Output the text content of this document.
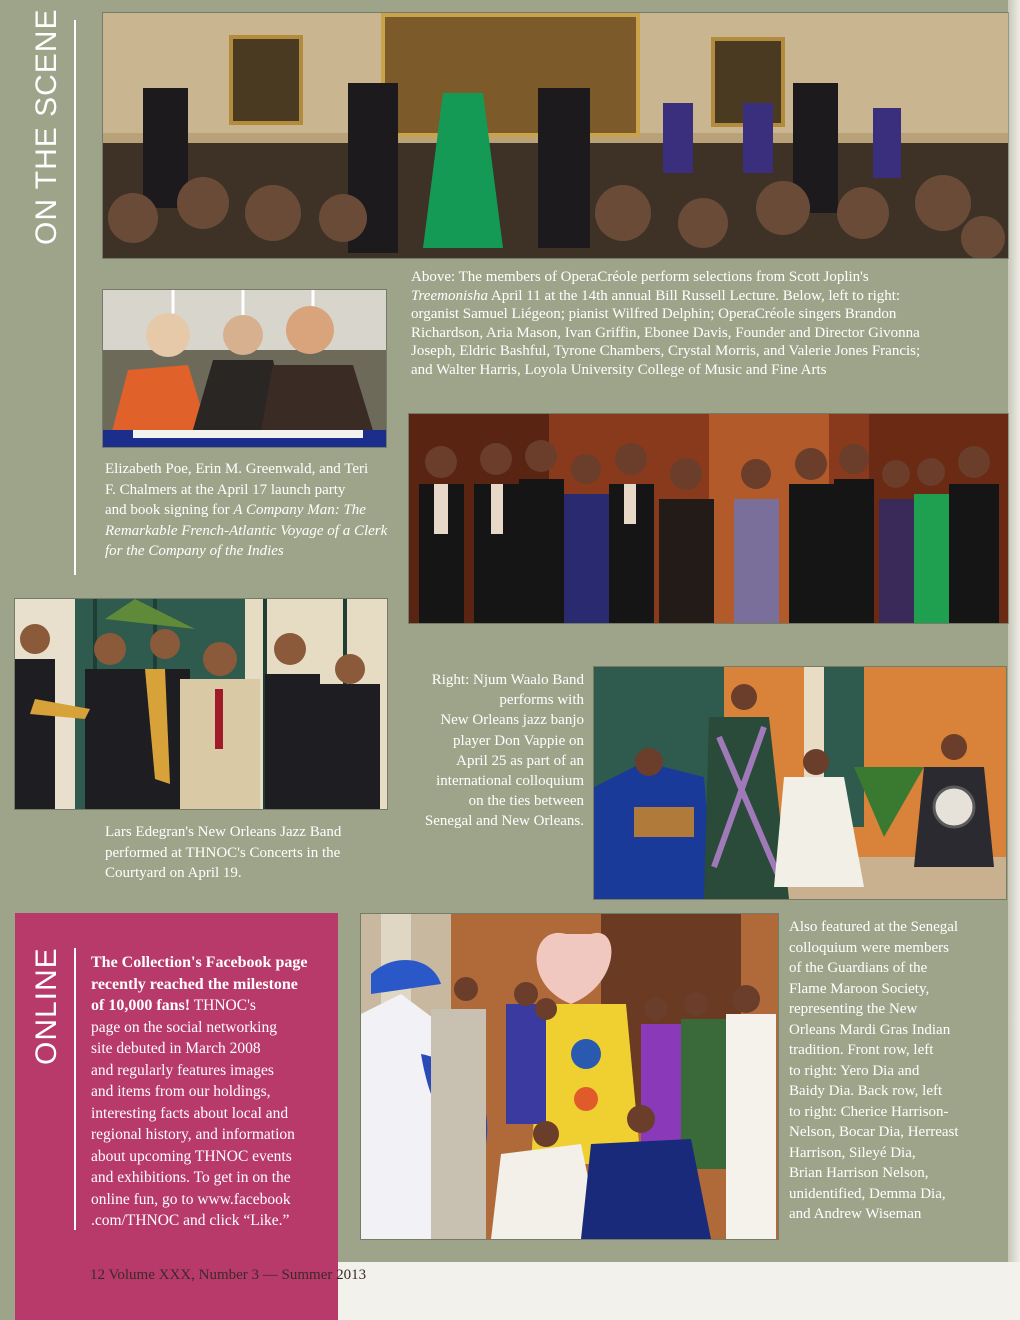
ON THE SCENE
Above: The members of OperaCréole perform selections from Scott Joplin's
Treemonisha April 11 at the 14th annual Bill Russell Lecture. Below, left to right:
organist Samuel Liégeon; pianist Wilfred Delphin; OperaCréole singers Brandon
Richardson, Aria Mason, Ivan Griffin, Ebonee Davis, Founder and Director Givonna
Joseph, Eldric Bashful, Tyrone Chambers, Crystal Morris, and Valerie Jones Francis;
and Walter Harris, Loyola University College of Music and Fine Arts
Elizabeth Poe, Erin M. Greenwald, and Teri
F. Chalmers at the April 17 launch party
and book signing for A Company Man: The
Remarkable French-Atlantic Voyage of a Clerk
for the Company of the Indies
Lars Edegran's New Orleans Jazz Band
performed at THNOC's Concerts in the
Courtyard on April 19.
Right: Njum Waalo Band
performs with
New Orleans jazz banjo
player Don Vappie on
April 25 as part of an
international colloquium
on the ties between
Senegal and New Orleans.
ONLINE The Collection's Facebook page
recently reached the milestone
of 10,000 fans! THNOC's
page on the social networking
site debuted in March 2008
and regularly features images
and items from our holdings,
interesting facts about local and
regional history, and information
about upcoming THNOC events
and exhibitions. To get in on the
online fun, go to www.facebook
.com/THNOC and click “Like.”
Also featured at the Senegal
colloquium were members
of the Guardians of the
Flame Maroon Society,
representing the New
Orleans Mardi Gras Indian
tradition. Front row, left
to right: Yero Dia and
Baidy Dia. Back row, left
to right: Cherice Harrison-
Nelson, Bocar Dia, Herreast
Harrison, Sileyé Dia,
Brian Harrison Nelson,
unidentified, Demma Dia,
and Andrew Wiseman
12 Volume XXX, Number 3 — Summer 2013
